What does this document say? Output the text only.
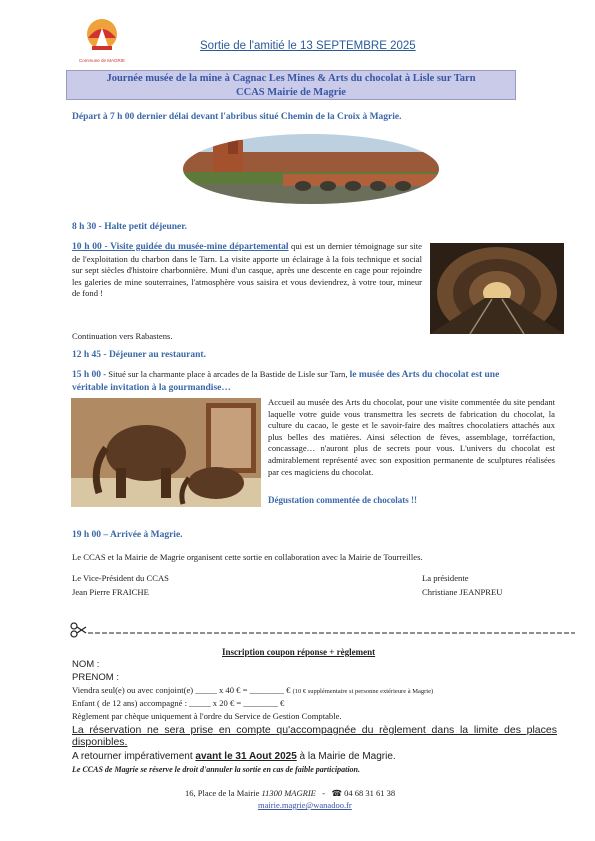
Commune de MAGRIE
Sortie de l'amitié le 13 SEPTEMBRE 2025
Journée musée de la mine à Cagnac Les Mines & Arts du chocolat à Lisle sur Tarn
CCAS Mairie de Magrie
Départ à 7 h 00 dernier délai devant l'abribus situé Chemin de la Croix à Magrie.
8 h 30 - Halte petit déjeuner.
10 h 00 - Visite guidée du musée-mine départemental qui est un dernier témoignage sur site de l'exploitation du charbon dans le Tarn. La visite apporte un éclairage à la fois technique et social sur sept siècles d'histoire charbonnière. Muni d'un casque, après une descente en cage pour rejoindre les galeries de mine souterraines, l'atmosphère vous saisira et vous deviendrez, à votre tour, mineur de fond !
Continuation vers Rabastens.
12 h 45 - Déjeuner au restaurant.
15 h 00 - Situé sur la charmante place à arcades de la Bastide de Lisle sur Tarn, le musée des Arts du chocolat est une véritable invitation à la gourmandise…
Accueil au musée des Arts du chocolat, pour une visite commentée du site pendant laquelle votre guide vous transmettra les secrets de fabrication du chocolat, la culture du cacao, le geste et le savoir-faire des maîtres chocolatiers attachés aux plus belles des matières. Ainsi sélection de fèves, assemblage, torréfaction, concassage… n'auront plus de secrets pour vous. L'univers du chocolat est admirablement représenté avec son exposition permanente de sculptures réalisées par ces magiciens du chocolat.
Dégustation commentée de chocolats !!
19 h 00 – Arrivée à Magrie.
Le CCAS et la Mairie de Magrie organisent cette sortie en collaboration avec la Mairie de Tourreilles.
Le Vice-Président du CCAS
Jean Pierre FRAICHE
La présidente
Christiane JEANPREU
Inscription coupon réponse + règlement
NOM :
PRENOM :
Viendra seul(e) ou avec conjoint(e) _____ x 40 € = ________ € (10 € supplémentaire si personne extérieure à Magrie)
Enfant ( de 12 ans) accompagné : _____ x 20 € = ________ €
Règlement par chèque uniquement à l'ordre du Service de Gestion Comptable.
La réservation ne sera prise en compte qu'accompagnée du règlement dans la limite des places disponibles.
A retourner impérativement avant le 31 Aout 2025 à la Mairie de Magrie.
Le CCAS de Magrie se réserve le droit d'annuler la sortie en cas de faible participation.
16, Place de la Mairie 11300 MAGRIE   -   ☎ 04 68 31 61 38
mairie.magrie@wanadoo.fr
